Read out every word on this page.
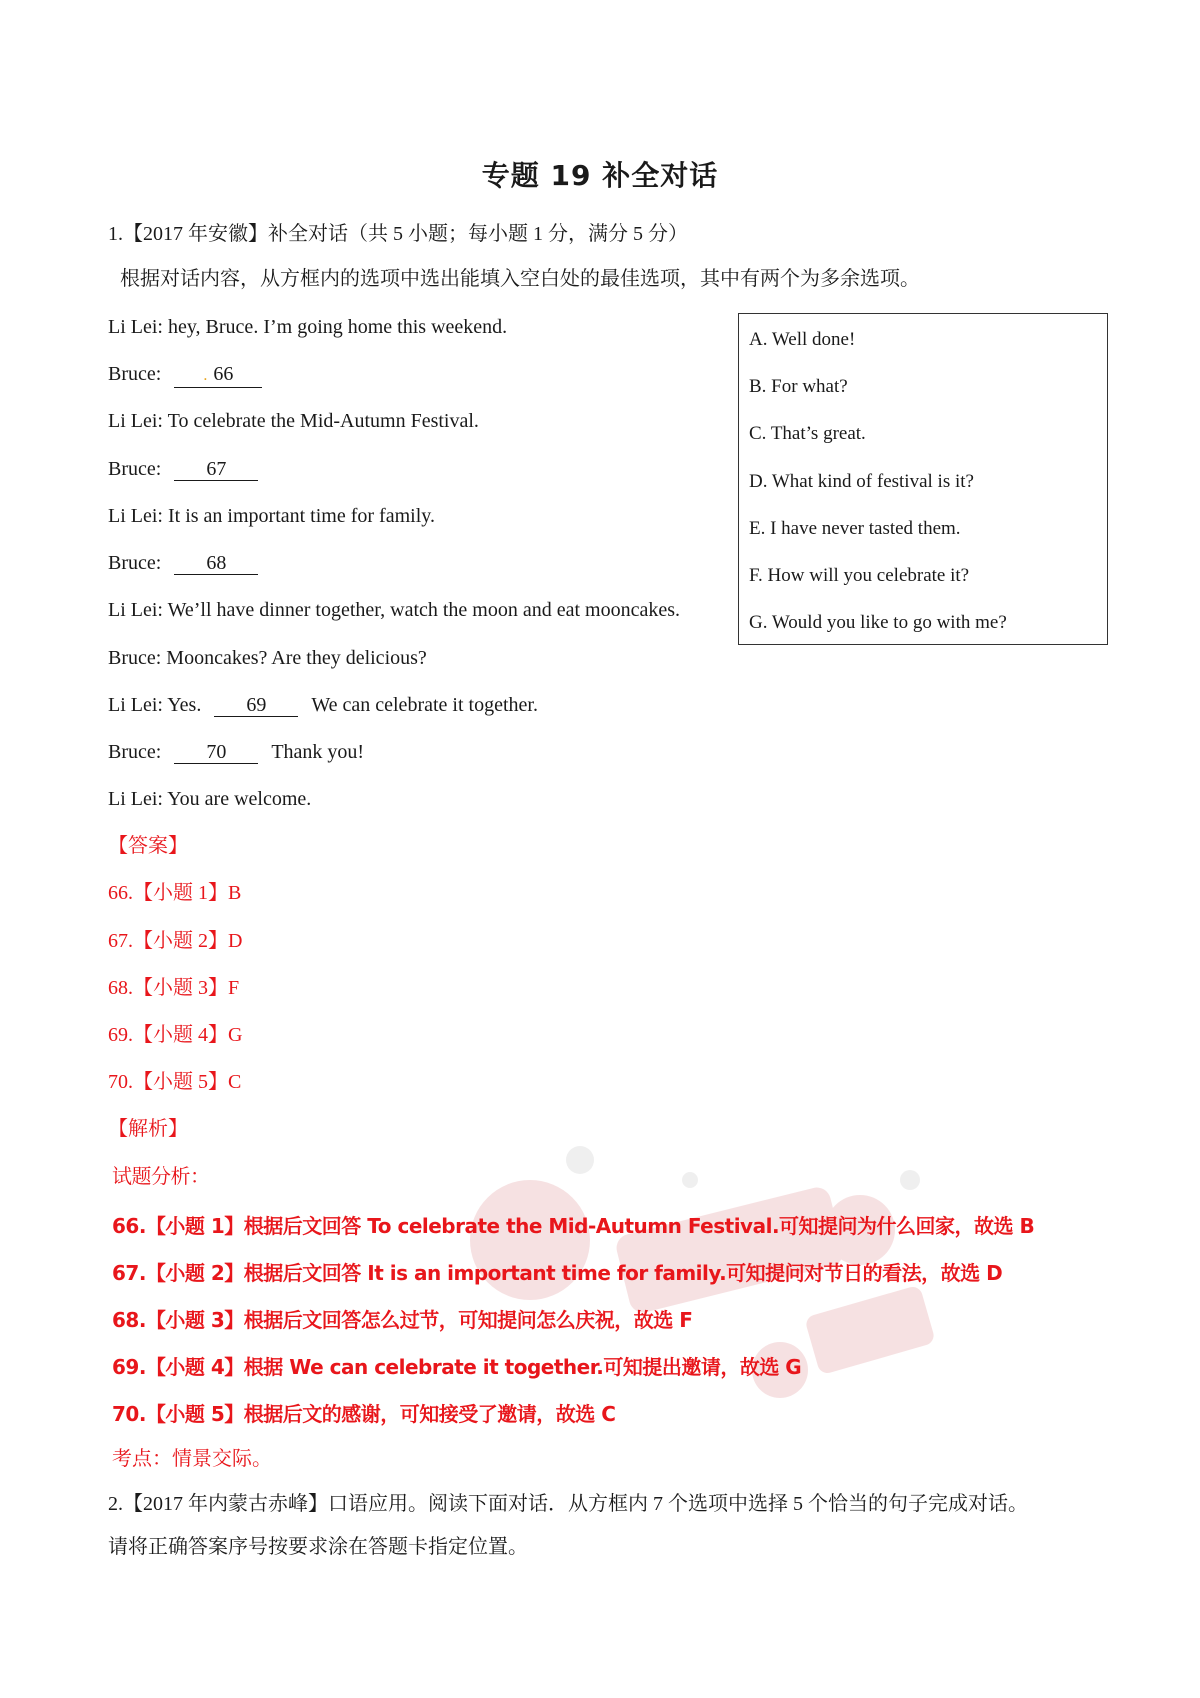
专题 19 补全对话
1.【2017 年安徽】补全对话（共 5 小题；每小题 1 分，满分 5 分）
根据对话内容，从方框内的选项中选出能填入空白处的最佳选项，其中有两个为多余选项。
Li Lei: hey, Bruce. I’m going home this weekend.
Bruce:	. 66
Li Lei: To celebrate the Mid-Autumn Festival.
Bruce: 67
Li Lei: It is an important time for family.
Bruce: 68
Li Lei: We’ll have dinner together, watch the moon and eat mooncakes.
Bruce: Mooncakes? Are they delicious?
Li Lei: Yes. 69 We can celebrate it together.
Bruce: 70 Thank you!
Li Lei: You are welcome.
A. Well done!
B. For what?
C. That’s great.
D. What kind of festival is it?
E. I have never tasted them.
F. How will you celebrate it?
G. Would you like to go with me?
【答案】
66.【小题 1】B
67.【小题 2】D
68.【小题 3】F
69.【小题 4】G
70.【小题 5】C
【解析】
试题分析：
66.【小题 1】根据后文回答 To celebrate the Mid-Autumn Festival.可知提问为什么回家，故选 B
67.【小题 2】根据后文回答 It is an important time for family.可知提问对节日的看法，故选 D
68.【小题 3】根据后文回答怎么过节，可知提问怎么庆祝，故选 F
69.【小题 4】根据 We can celebrate it together.可知提出邀请，故选 G
70.【小题 5】根据后文的感谢，可知接受了邀请，故选 C
考点：情景交际。
2.【2017 年内蒙古赤峰】口语应用。阅读下面对话．从方框内 7 个选项中选择 5 个恰当的句子完成对话。
请将正确答案序号按要求涂在答题卡指定位置。
